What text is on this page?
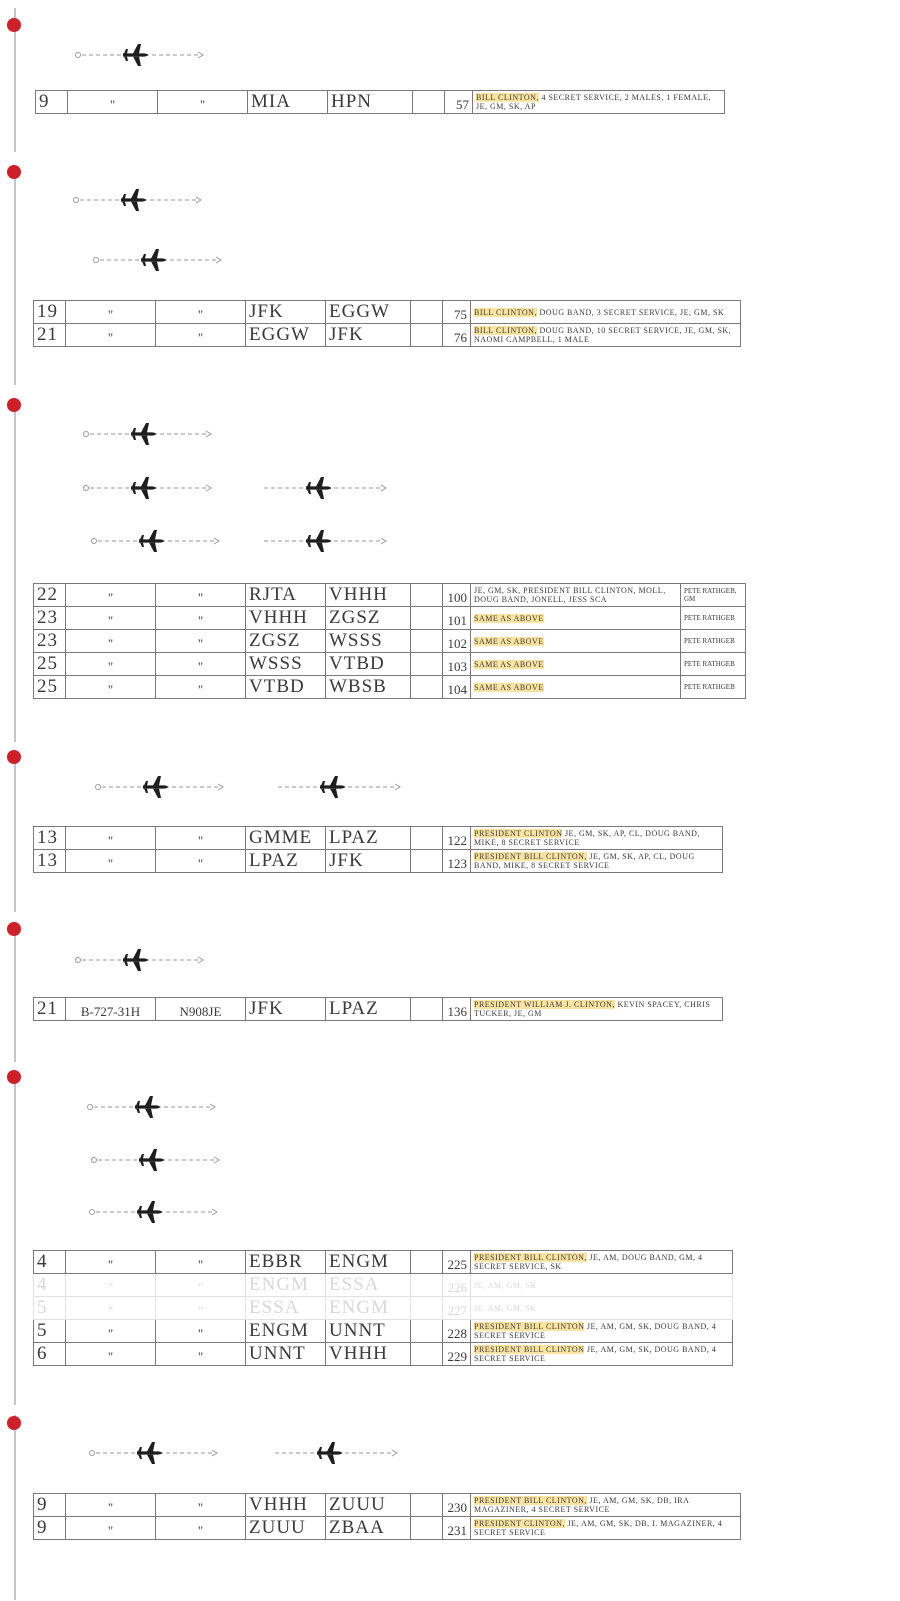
9	"	"	MIA	HPN		57	BILL CLINTON, 4 SECRET SERVICE, 2 MALES, 1 FEMALE, JE, GM, SK, AP
19	"	"	JFK	EGGW		75	BILL CLINTON, DOUG BAND, 3 SECRET SERVICE, JE, GM, SK
21	"	"	EGGW	JFK		76	BILL CLINTON, DOUG BAND, 10 SECRET SERVICE, JE, GM, SK, NAOMI CAMPBELL, 1 MALE
22	"	"	RJTA	VHHH		100	JE, GM, SK, PRESIDENT BILL CLINTON, MOLL, DOUG BAND, JONELL, JESS SCA	PETE RATHGEB, GM
23	"	"	VHHH	ZGSZ		101	SAME AS ABOVE	PETE RATHGEB
23	"	"	ZGSZ	WSSS		102	SAME AS ABOVE	PETE RATHGEB
25	"	"	WSSS	VTBD		103	SAME AS ABOVE	PETE RATHGEB
25	"	"	VTBD	WBSB		104	SAME AS ABOVE	PETE RATHGEB
13	"	"	GMME	LPAZ		122	PRESIDENT CLINTON JE, GM, SK, AP, CL, DOUG BAND, MIKE, 8 SECRET SERVICE
13	"	"	LPAZ	JFK		123	PRESIDENT BILL CLINTON, JE, GM, SK, AP, CL, DOUG BAND, MIKE, 8 SECRET SERVICE
21	B-727-31H	N908JE	JFK	LPAZ		136	PRESIDENT WILLIAM J. CLINTON, KEVIN SPACEY, CHRIS TUCKER, JE, GM
4	"	"	EBBR	ENGM		225	PRESIDENT BILL CLINTON, JE, AM, DOUG BAND, GM, 4 SECRET SERVICE, SK
4	"	"	ENGM	ESSA		226	JE, AM, GM, SK
5	"	"	ESSA	ENGM		227	JE, AM, GM, SK
5	"	"	ENGM	UNNT		228	PRESIDENT BILL CLINTON JE, AM, GM, SK, DOUG BAND, 4 SECRET SERVICE
6	"	"	UNNT	VHHH		229	PRESIDENT BILL CLINTON JE, AM, GM, SK, DOUG BAND, 4 SECRET SERVICE
9	"	"	VHHH	ZUUU		230	PRESIDENT BILL CLINTON, JE, AM, GM, SK, DB, IRA MAGAZINER, 4 SECRET SERVICE
9	"	"	ZUUU	ZBAA		231	PRESIDENT CLINTON, JE, AM, GM, SK, DB, I. MAGAZINER, 4 SECRET SERVICE
